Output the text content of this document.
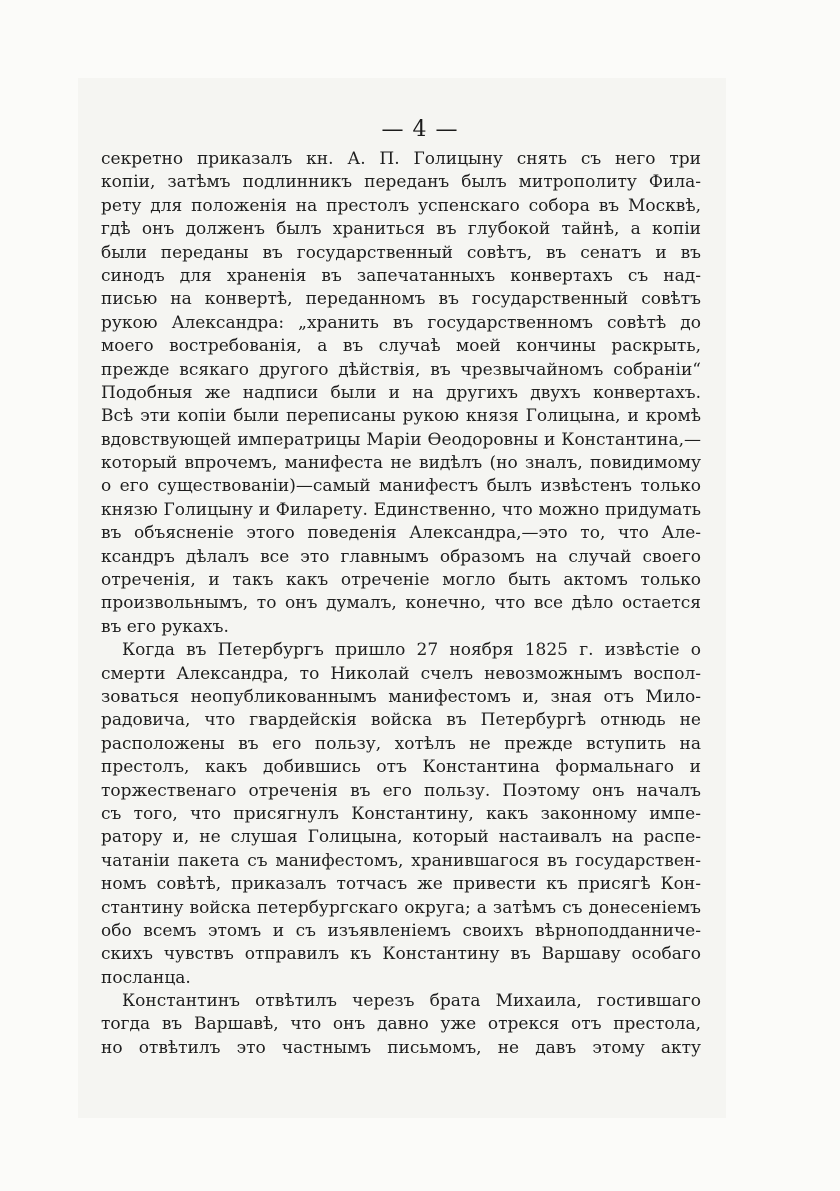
— 4 —
секретно приказалъ кн. А. П. Голицыну снять съ него три
копіи, затѣмъ подлинникъ переданъ былъ митрополиту Фила-
рету для положенія на престолъ успенскаго собора въ Москвѣ,
гдѣ онъ долженъ былъ храниться въ глубокой тайнѣ, а копіи
были переданы въ государственный совѣтъ, въ сенатъ и въ
синодъ для храненія въ запечатанныхъ конвертахъ съ над-
писью на конвертѣ, переданномъ въ государственный совѣтъ
рукою Александра: „хранить въ государственномъ совѣтѣ до
моего востребованія, а въ случаѣ моей кончины раскрыть,
прежде всякаго другого дѣйствія, въ чрезвычайномъ собраніи“
Подобныя же надписи были и на другихъ двухъ конвертахъ.
Всѣ эти копіи были переписаны рукою князя Голицына, и кромѣ
вдовствующей императрицы Маріи Ѳеодоровны и Константина,—
который впрочемъ, манифеста не видѣлъ (но зналъ, повидимому
о его существованіи)—самый манифестъ былъ извѣстенъ только
князю Голицыну и Филарету. Единственно, что можно придумать
въ объясненіе этого поведенія Александра,—это то, что Але-
ксандръ дѣлалъ все это главнымъ образомъ на случай своего
отреченія, и такъ какъ отреченіе могло быть актомъ только
произвольнымъ, то онъ думалъ, конечно, что все дѣло остается
въ его рукахъ.
Когда въ Петербургъ пришло 27 ноября 1825 г. извѣстіе о
смерти Александра, то Николай счелъ невозможнымъ воспол-
зоваться неопубликованнымъ манифестомъ и, зная отъ Мило-
радовича, что гвардейскія войска въ Петербургѣ отнюдь не
расположены въ его пользу, хотѣлъ не прежде вступить на
престолъ, какъ добившись отъ Константина формальнаго и
торжественаго отреченія въ его пользу. Поэтому онъ началъ
съ того, что присягнулъ Константину, какъ законному импе-
ратору и, не слушая Голицына, который настаивалъ на распе-
чатаніи пакета съ манифестомъ, хранившагося въ государствен-
номъ совѣтѣ, приказалъ тотчасъ же привести къ присягѣ Кон-
стантину войска петербургскаго округа; а затѣмъ съ донесеніемъ
обо всемъ этомъ и съ изъявленіемъ своихъ вѣрноподданниче-
скихъ чувствъ отправилъ къ Константину въ Варшаву особаго
посланца.
Константинъ отвѣтилъ черезъ брата Михаила, гостившаго
тогда въ Варшавѣ, что онъ давно уже отрекся отъ престола,
но отвѣтилъ это частнымъ письмомъ, не давъ этому акту
